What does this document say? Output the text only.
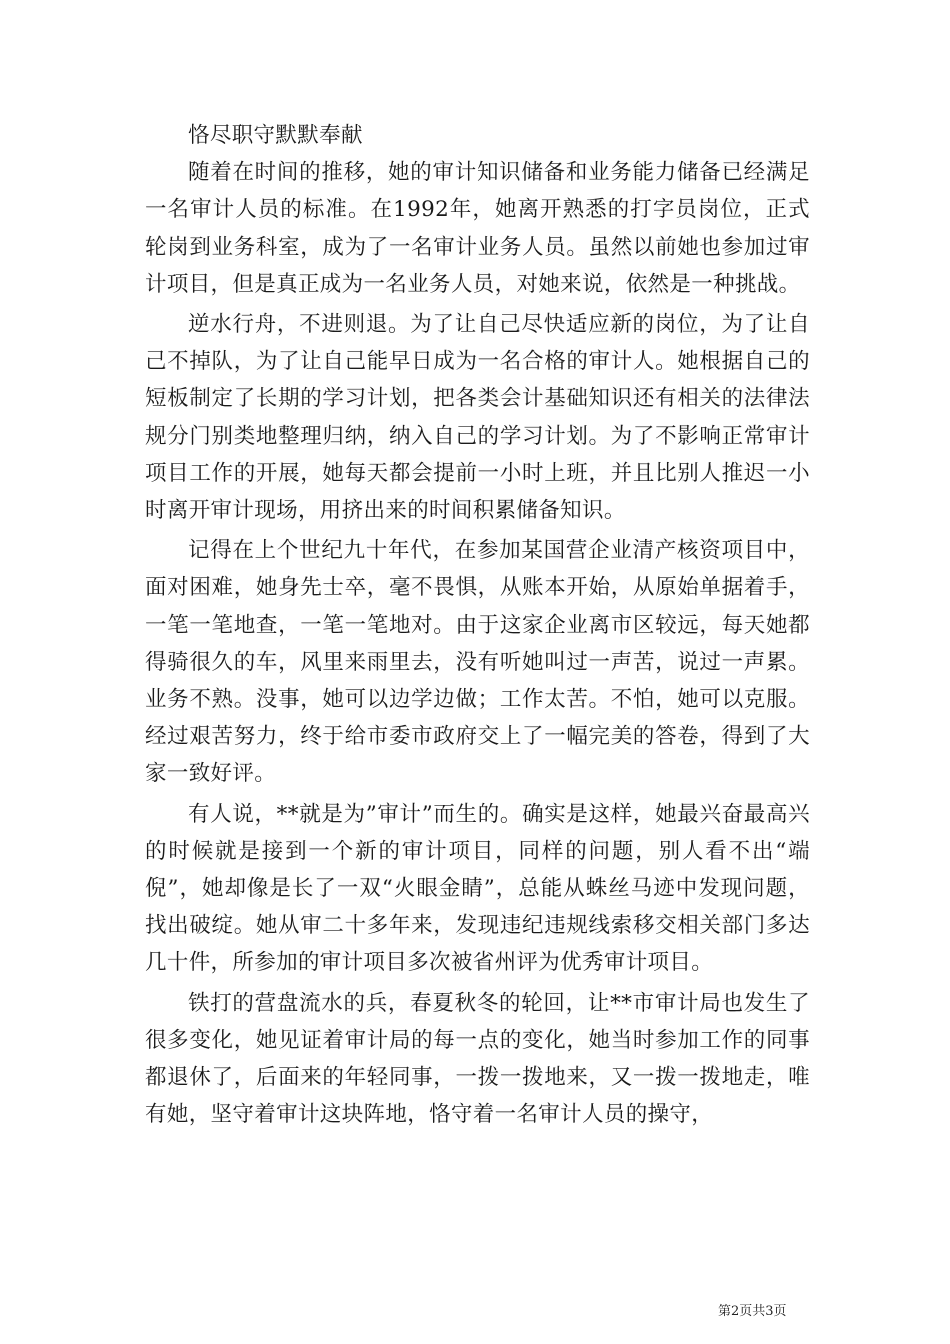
恪尽职守默默奉献

随着在时间的推移，她的审计知识储备和业务能力储备已经满足一名审计人员的标准。在1992年，她离开熟悉的打字员岗位，正式轮岗到业务科室，成为了一名审计业务人员。虽然以前她也参加过审计项目，但是真正成为一名业务人员，对她来说，依然是一种挑战。

逆水行舟，不进则退。为了让自己尽快适应新的岗位，为了让自己不掉队，为了让自己能早日成为一名合格的审计人。她根据自己的短板制定了长期的学习计划，把各类会计基础知识还有相关的法律法规分门别类地整理归纳，纳入自己的学习计划。为了不影响正常审计项目工作的开展，她每天都会提前一小时上班，并且比别人推迟一小时离开审计现场，用挤出来的时间积累储备知识。

记得在上个世纪九十年代，在参加某国营企业清产核资项目中，面对困难，她身先士卒，毫不畏惧，从账本开始，从原始单据着手，一笔一笔地查，一笔一笔地对。由于这家企业离市区较远，每天她都得骑很久的车，风里来雨里去，没有听她叫过一声苦，说过一声累。业务不熟。没事，她可以边学边做；工作太苦。不怕，她可以克服。经过艰苦努力，终于给市委市政府交上了一幅完美的答卷，得到了大家一致好评。

有人说，**就是为”审计”而生的。确实是这样，她最兴奋最高兴的时候就是接到一个新的审计项目，同样的问题，别人看不出“端倪”，她却像是长了一双“火眼金睛”，总能从蛛丝马迹中发现问题，找出破绽。她从审二十多年来，发现违纪违规线索移交相关部门多达几十件，所参加的审计项目多次被省州评为优秀审计项目。

铁打的营盘流水的兵，春夏秋冬的轮回，让**市审计局也发生了很多变化，她见证着审计局的每一点的变化，她当时参加工作的同事都退休了，后面来的年轻同事，一拨一拨地来，又一拨一拨地走，唯有她，坚守着审计这块阵地，恪守着一名审计人员的操守，

第2页共3页
